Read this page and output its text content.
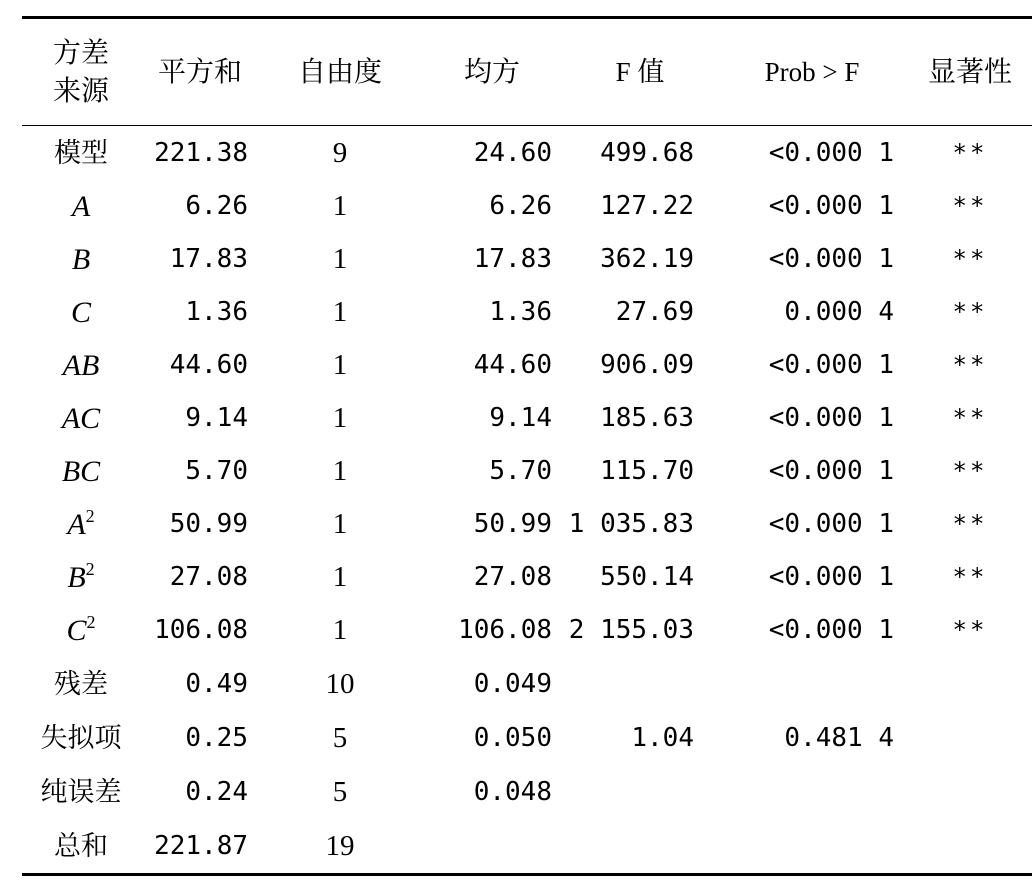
方差
来源	平方和	自由度	均方	F 值	Prob > F	显著性
模型	221.38	9	24.60	499.68	<0.000 1	**
A	6.26	1	6.26	127.22	<0.000 1	**
B	17.83	1	17.83	362.19	<0.000 1	**
C	1.36	1	1.36	27.69	0.000 4	**
AB	44.60	1	44.60	906.09	<0.000 1	**
AC	9.14	1	9.14	185.63	<0.000 1	**
BC	5.70	1	5.70	115.70	<0.000 1	**
$A^2$	50.99	1	50.99	1 035.83	<0.000 1	**
$B^2$	27.08	1	27.08	550.14	<0.000 1	**
$C^2$	106.08	1	106.08	2 155.03	<0.000 1	**
残差	0.49	10	0.049			
失拟项	0.25	5	0.050	1.04	0.481 4	
纯误差	0.24	5	0.048			
总和	221.87	19				
